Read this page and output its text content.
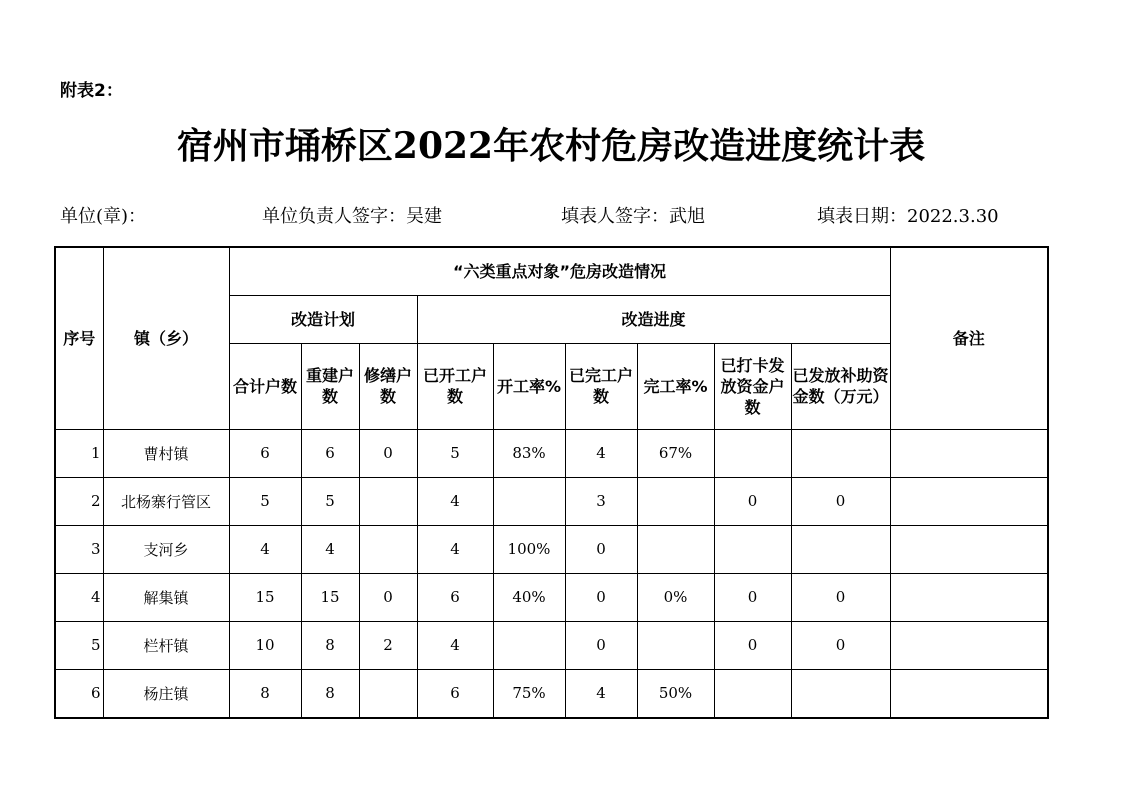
附表2：
宿州市埇桥区2022年农村危房改造进度统计表
单位(章)：	单位负责人签字：吴建	填表人签字：武旭	填表日期：2022.3.30
序号	镇（乡）	“六类重点对象”危房改造情况									备注
		改造计划			改造进度						
		合计户数	重建户数	修缮户数	已开工户数	开工率%	已完工户数	完工率%	已打卡发放资金户数	已发放补助资金数（万元）	
1	曹村镇	6	6	0	5	83%	4	67%			
2	北杨寨行管区	5	5		4		3		0	0	
3	支河乡	4	4		4	100%	0				
4	解集镇	15	15	0	6	40%	0	0%	0	0	
5	栏杆镇	10	8	2	4		0		0	0	
6	杨庄镇	8	8		6	75%	4	50%			
